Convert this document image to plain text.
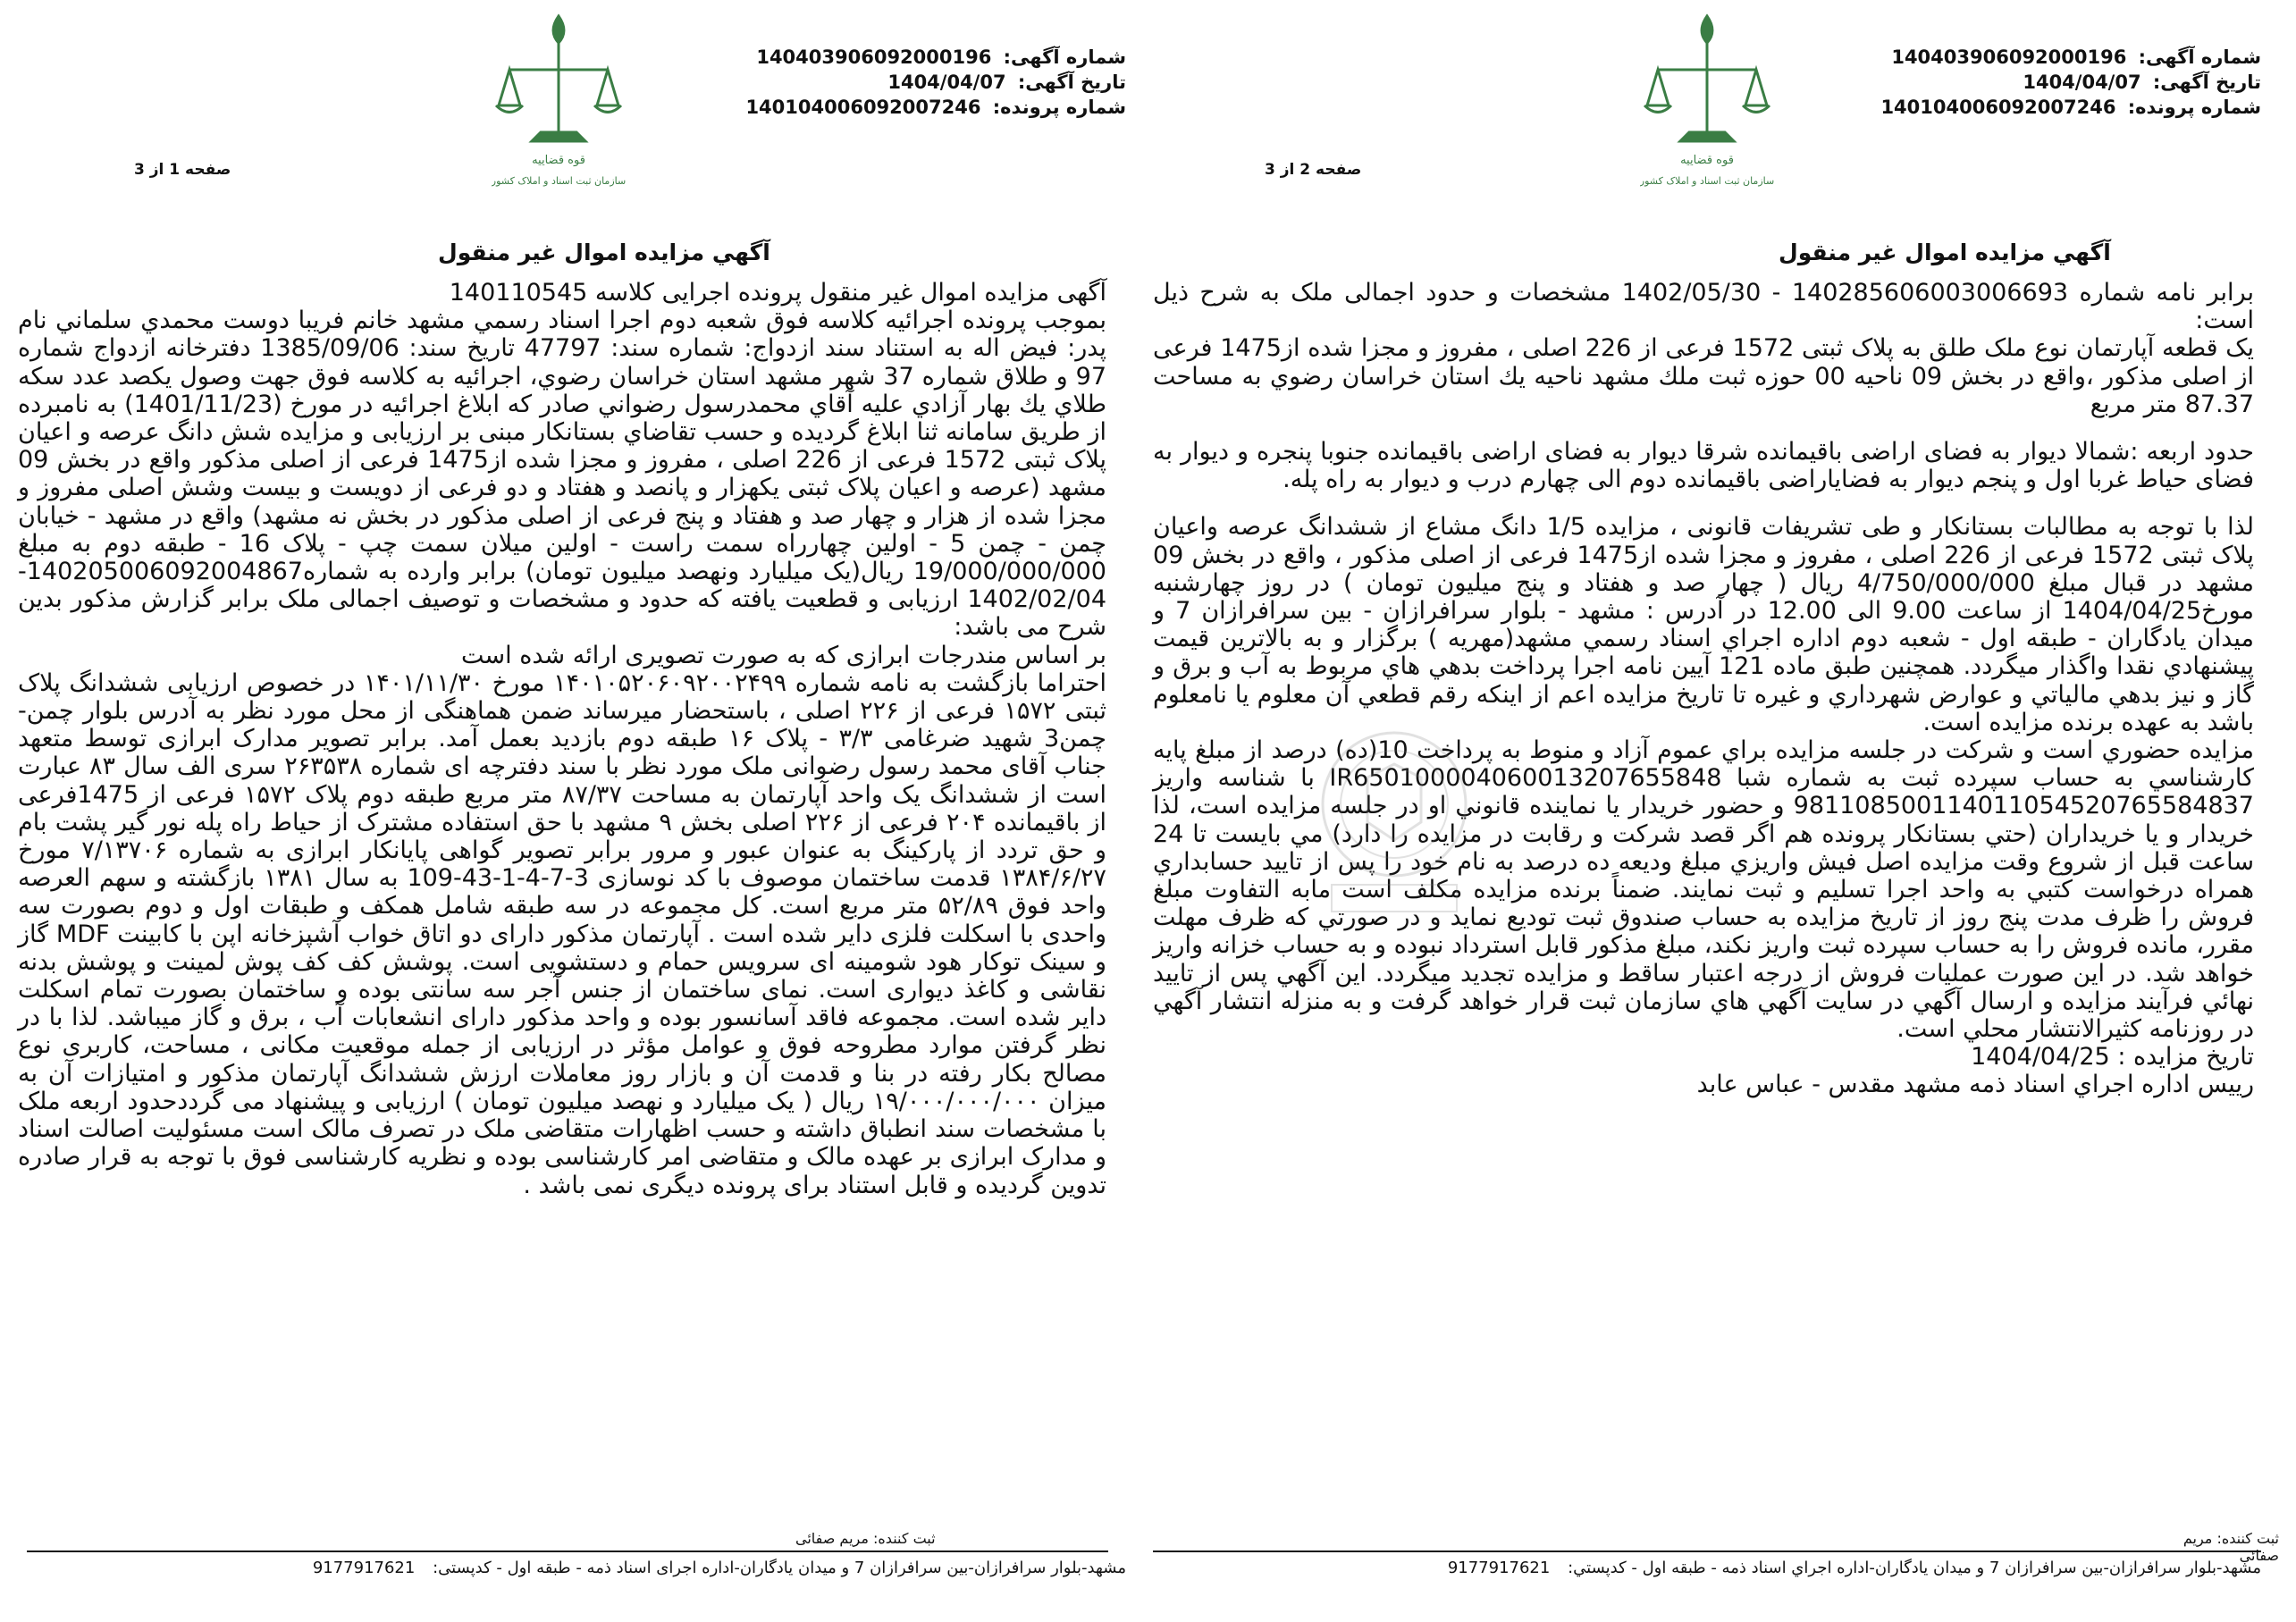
شماره آگهی: 140403906092000196
تاریخ آگهی: 1404/04/07
شماره پرونده: 140104006092007246
قوه قضاییه
سازمان ثبت اسناد و املاک کشور
صفحه 1 از 3
آگهي مزايده اموال غير منقول

آگهی مزایده اموال غیر منقول پرونده اجرایی کلاسه 140110545

بموجب پرونده اجرائيه كلاسه فوق شعبه دوم اجرا اسناد رسمي مشهد خانم فريبا دوست محمدي سلماني نام پدر: فيض اله به استناد سند ازدواج: شماره سند: 47797 تاريخ سند: 1385/09/06 دفترخانه ازدواج شماره 97 و طلاق شماره 37 شهر مشهد استان خراسان رضوي، اجرائيه به كلاسه فوق جهت وصول يكصد عدد سكه طلاي يك بهار آزادي عليه آقاي محمدرسول رضواني صادر كه ابلاغ اجرائيه در مورخ (1401/11/23) به نامبرده از طريق سامانه ثنا ابلاغ گرديده و حسب تقاضاي بستانكار مبنى بر ارزيابى و مزايده شش دانگ عرصه و اعيان پلاک ثبتی 1572 فرعی از 226 اصلی ، مفروز و مجزا شده از1475 فرعی از اصلی مذکور واقع در بخش 09 مشهد (عرصه و اعیان پلاک ثبتی یکهزار و پانصد و هفتاد و دو فرعی از دویست و بیست وشش اصلی مفروز و مجزا شده از هزار و چهار صد و هفتاد و پنج فرعی از اصلی مذکور در بخش نه مشهد) واقع در مشهد - خيابان چمن - چمن 5 - اولين چهارراه سمت راست - اولين ميلان سمت چپ - پلاک 16 - طبقه دوم به مبلغ 19/000/000/000 ريال(یک میلیارد ونهصد میلیون تومان) برابر وارده به شماره14020500609200486​7-1402/02/04 ارزیابی و قطعیت یافته که حدود و مشخصات و توصیف اجمالی ملک برابر گزارش مذکور بدین شرح می باشد:

بر اساس مندرجات ابرازی که به صورت تصویری ارائه شده است

احتراما بازگشت به نامه شماره ۱۴۰۱۰۵۲۰۶۰۹۲۰۰۲۴۹۹ مورخ ۱۴۰۱/۱۱/۳۰ در خصوص ارزیابی ششدانگ پلاک ثبتی ۱۵۷۲ فرعی از ۲۲۶ اصلی ، باستحضار میرساند ضمن هماهنگی از محل مورد نظر به آدرس بلوار چمن- چمن3 شهید ضرغامی ۳/۳ - پلاک ۱۶ طبقه دوم بازدید بعمل آمد. برابر تصویر مدارک ابرازی توسط متعهد جناب آقای محمد رسول رضوانی ملک مورد نظر با سند دفترچه ای شماره ۲۶۳۵۳۸ سری الف سال ۸۳ عبارت است از ششدانگ یک واحد آپارتمان به مساحت ۸۷/۳۷ متر مربع طبقه دوم پلاک ۱۵۷۲ فرعی از 1475فرعی از باقیمانده ۲۰۴ فرعی از ۲۲۶ اصلی بخش ۹ مشهد با حق استفاده مشترک از حیاط راه پله نور گیر پشت بام و حق تردد از پارکینگ به عنوان عبور و مرور برابر تصویر گواهی پایانکار ابرازی به شماره ۷/۱۳۷۰۶ مورخ ۱۳۸۴/۶/۲۷ قدمت ساختمان موصوف با کد نوسازی 3-7-4-1-43-109 به سال ۱۳۸۱ بازگشته و سهم العرصه واحد فوق ۵۲/۸۹ متر مربع است. کل مجموعه در سه طبقه شامل همکف و طبقات اول و دوم بصورت سه واحدی با اسکلت فلزی دایر شده است . آپارتمان مذکور دارای دو اتاق خواب آشپزخانه اپن با کابینت MDF گاز و سینک توکار هود شومینه ای سرویس حمام و دستشویی است. پوشش کف کف پوش لمینت و پوشش بدنه نقاشی و کاغذ دیواری است. نمای ساختمان از جنس آجر سه سانتی بوده و ساختمان بصورت تمام اسکلت دایر شده است. مجموعه فاقد آسانسور بوده و واحد مذکور دارای انشعابات آب ، برق و گاز میباشد. لذا با در نظر گرفتن موارد مطروحه فوق و عوامل مؤثر در ارزیابی از جمله موقعیت مکانی ، مساحت، کاربری نوع مصالح بکار رفته در بنا و قدمت آن و بازار روز معاملات ارزش ششدانگ آپارتمان مذکور و امتیازات آن به میزان ۱۹/۰۰۰/۰۰۰/۰۰۰ ریال ( یک میلیارد و نهصد میلیون تومان ) ارزیابی و پیشنهاد می گرددحدود اربعه ملک با مشخصات سند انطباق داشته و حسب اظهارات متقاضی ملک در تصرف مالک است مسئولیت اصالت اسناد و مدارک ابرازی بر عهده مالک و متقاضی امر کارشناسی بوده و نظریه کارشناسی فوق با توجه به قرار صادره تدوین گردیده و قابل استناد برای پرونده دیگری نمی باشد .

ثبت کننده: مریم صفائی
مشهد-بلوار سرافرازان-بین سرافرازان 7 و میدان یادگاران-اداره اجرای اسناد ذمه - طبقه اول - کدپستی: 9177917621
شماره آگهی: 140403906092000196
تاریخ آگهی: 1404/04/07
شماره پرونده: 140104006092007246
قوه قضاییه
سازمان ثبت اسناد و املاک کشور
صفحه 2 از 3
آگهي مزايده اموال غير منقول

برابر نامه شماره 140285606003006693 - 1402/05/30 مشخصات و حدود اجمالی ملک به شرح ذيل است:

يک قطعه آپارتمان نوع ملک طلق به پلاک ثبتی 1572 فرعی از 226 اصلی ، مفروز و مجزا شده از1475 فرعی از اصلی مذکور ،واقع در بخش 09 ناحيه 00 حوزه ثبت ملك مشهد ناحيه يك استان خراسان رضوي به مساحت 87.37 متر مربع

حدود اربعه :شمالا ديوار به فضای اراضی باقيمانده شرقا ديوار به فضای اراضی باقيمانده جنوبا پنجره و ديوار به فضای حياط غربا اول و پنجم ديوار به فضایاراضی باقيمانده دوم الی چهارم درب و ديوار به راه پله.

لذا با توجه به مطالبات بستانکار و طی تشریفات قانونی ، مزایده 1/5 دانگ مشاع از ششدانگ عرصه واعیان پلاک ثبتی 1572 فرعی از 226 اصلی ، مفروز و مجزا شده از1475 فرعی از اصلی مذکور ، واقع در بخش 09 مشهد در قبال مبلغ 4/750/000/000 ریال ( چهار صد و هفتاد و پنج میلیون تومان ) در روز چهارشنبه مورخ1404/04/25 از ساعت 9.00 الی 12.00 در آدرس : مشهد - بلوار سرافرازان - بين سرافرازان 7 و ميدان يادگاران - طبقه اول - شعبه دوم اداره اجراي اسناد رسمي مشهد(مهريه ) برگزار و به بالاترين قيمت پيشنهادي نقدا واگذار ميگردد. همچنين طبق ماده 121 آيين نامه اجرا پرداخت بدهي هاي مربوط به آب و برق و گاز و نيز بدهي مالياتي و عوارض شهرداري و غيره تا تاريخ مزايده اعم از اينكه رقم قطعي آن معلوم يا نامعلوم باشد به عهده برنده مزايده است.

مزايده حضوري است و شركت در جلسه مزايده براي عموم آزاد و منوط به پرداخت 10(ده) درصد از مبلغ پايه كارشناسي به حساب سپرده ثبت به شماره شبا IR650100004060013207655848 با شناسه واريز 981108500114011054520765584837 و حضور خريدار يا نماينده قانوني او در جلسه مزايده است، لذا خريدار و يا خريداران (حتي بستانكار پرونده هم اگر قصد شركت و رقابت در مزايده را دارد) مي بايست تا 24 ساعت قبل از شروع وقت مزايده اصل فيش واريزي مبلغ وديعه ده درصد به نام خود را پس از تاييد حسابداري همراه درخواست كتبي به واحد اجرا تسليم و ثبت نمايند. ضمناً برنده مزايده مكلف است مابه التفاوت مبلغ فروش را ظرف مدت پنج روز از تاريخ مزايده به حساب صندوق ثبت توديع نمايد و در صورتي كه ظرف مهلت مقرر، مانده فروش را به حساب سپرده ثبت واريز نكند، مبلغ مذكور قابل استرداد نبوده و به حساب خزانه واريز خواهد شد. در اين صورت عمليات فروش از درجه اعتبار ساقط و مزايده تجديد ميگردد. اين آگهي پس از تاييد نهائي فرآيند مزايده و ارسال آگهي در سايت آگهي هاي سازمان ثبت قرار خواهد گرفت و به منزله انتشار آگهي در روزنامه كثيرالانتشار محلي است.

تاريخ مزايده : 1404/04/25

رييس اداره اجراي اسناد ذمه مشهد مقدس - عباس عابد

ثبت کننده: مریم صفائی
مشهد-بلوار سرافرازان-بين سرافرازان 7 و ميدان يادگاران-اداره اجراي اسناد ذمه - طبقه اول - كدپستي: 9177917621
